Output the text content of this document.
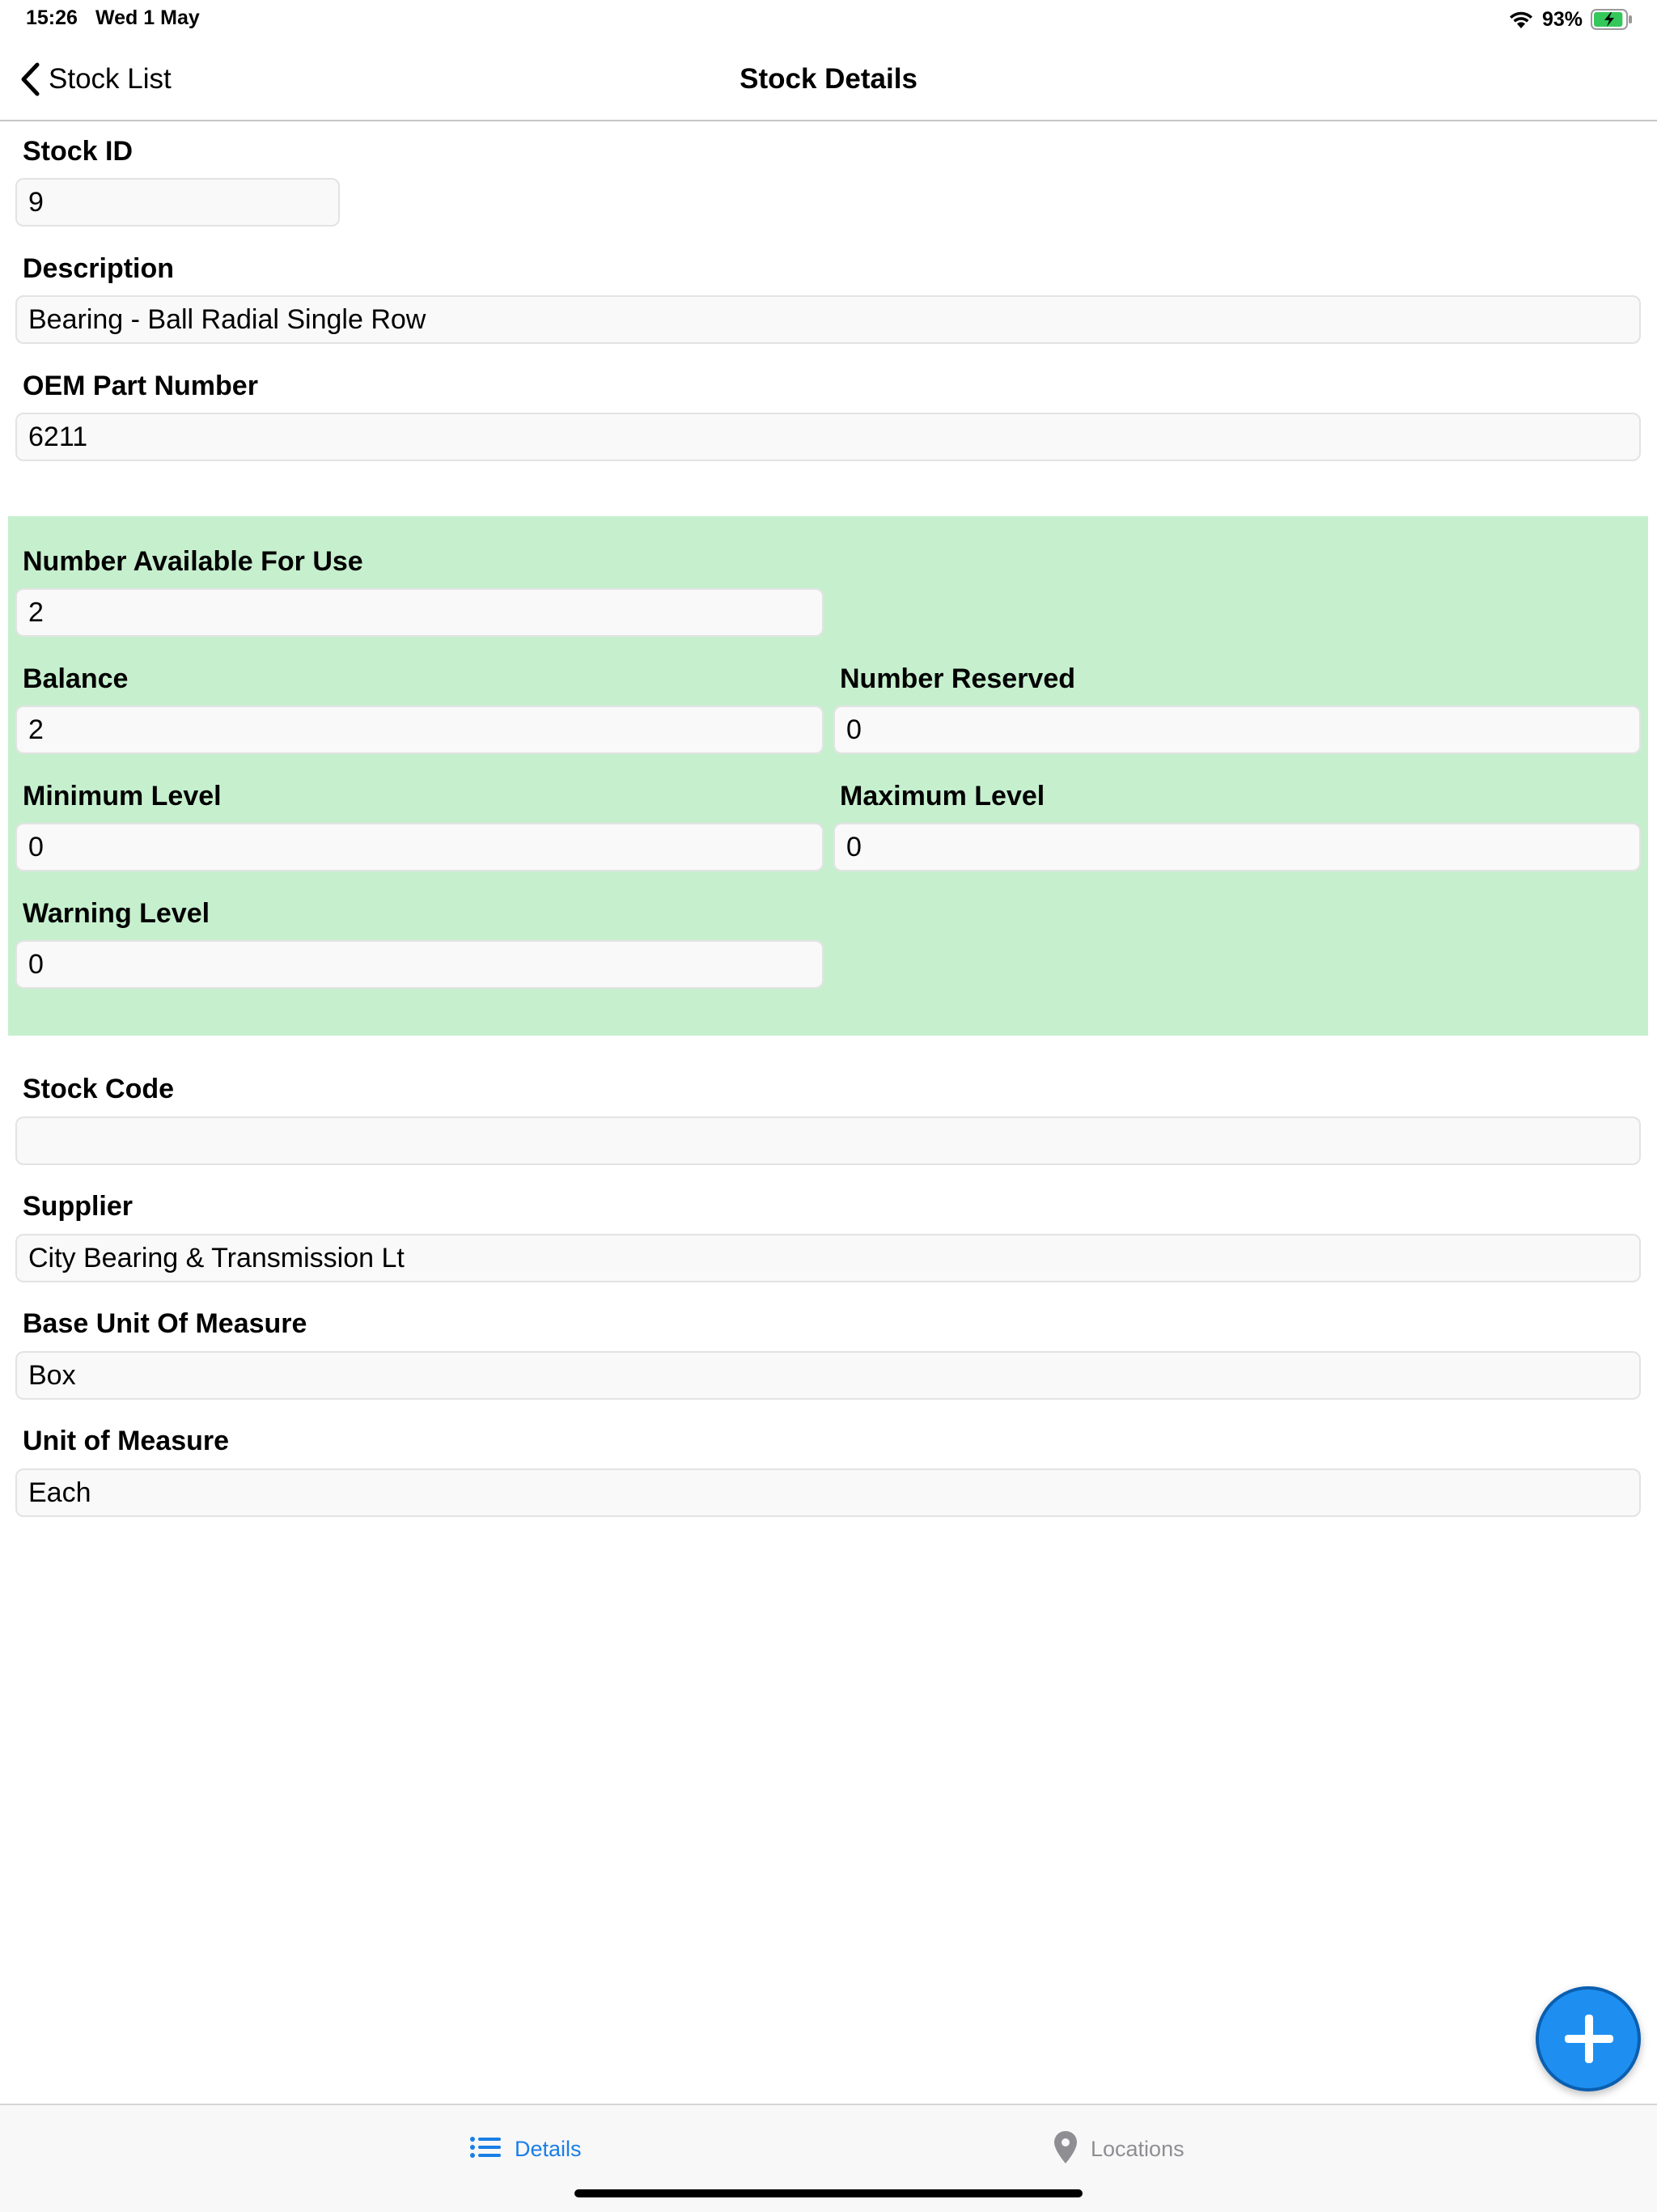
15:26 Wed 1 May	93%
Stock List	Stock Details
Stock ID
9
Description
Bearing - Ball Radial Single Row
OEM Part Number
6211
Number Available For Use
2
Balance
2
Number Reserved
0
Minimum Level
0
Maximum Level
0
Warning Level
0
Stock Code
Supplier
City Bearing & Transmission Lt
Base Unit Of Measure
Box
Unit of Measure
Each
Details	Locations
